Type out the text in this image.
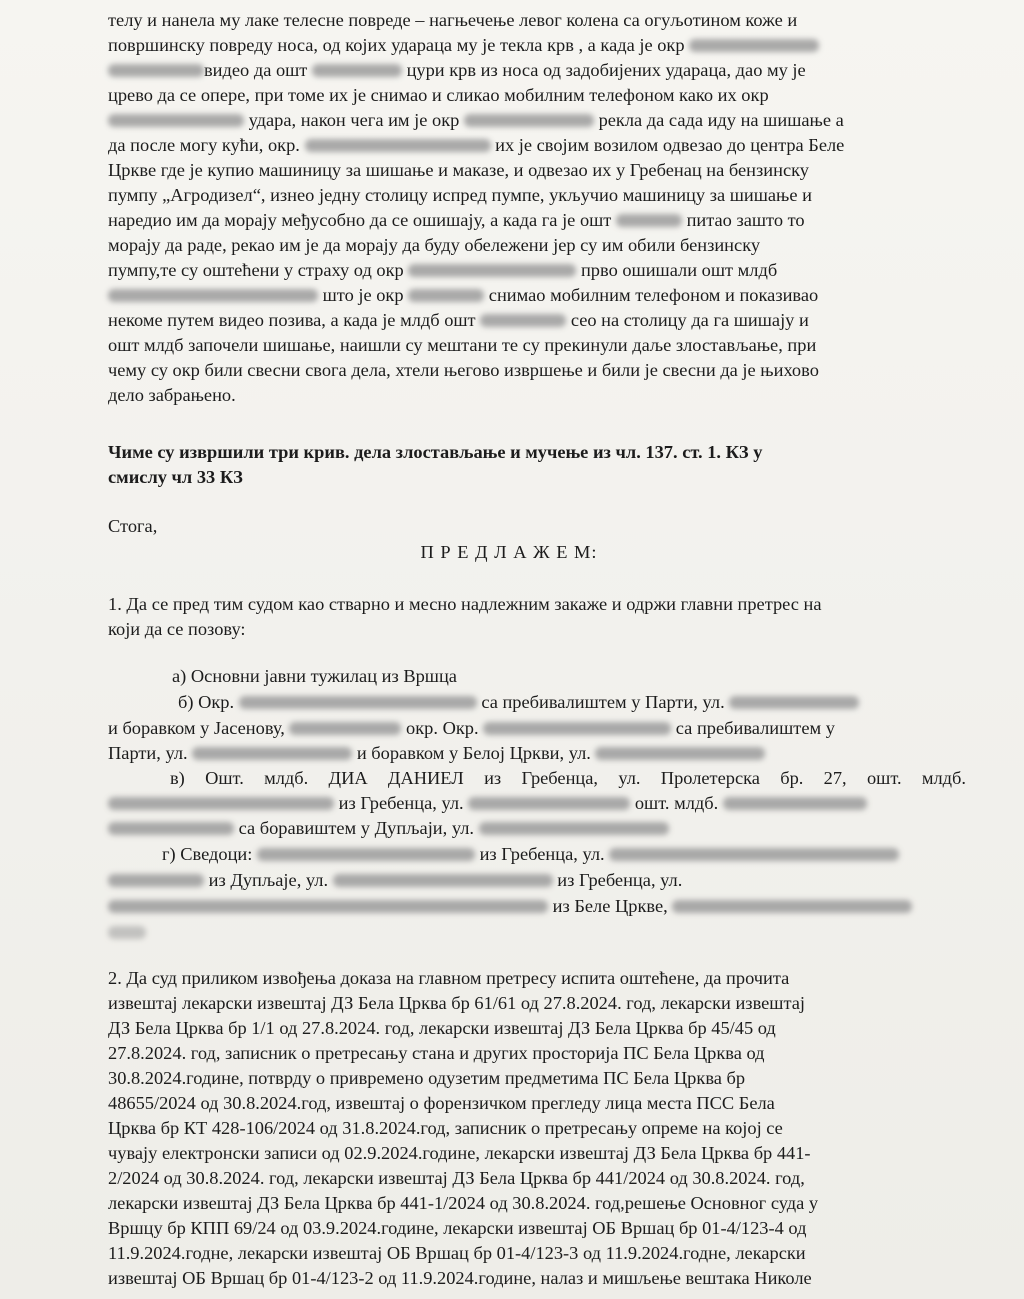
телу и нанела му лаке телесне повреде – нагњечење левог колена са огуљотином коже и
површинску повреду носа, од којих удараца му је текла крв , а када је окр
видео да ошт	цури крв из носа од задобијених удараца, дао му је
црево да се опере, при томе их је снимао и сликао мобилним телефоном како их окр
удара, након чега им је окр	рекла да сада иду на шишање а
да после могу кући, окр.	их је својим возилом одвезао до центра Беле
Цркве где је купио машиницу за шишање и маказе, и одвезао их у Гребенац на бензинску
пумпу „Агродизел“, изнео једну столицу испред пумпе, укључио машиницу за шишање и
наредио им да морају међусобно да се ошишају, а када га је ошт	питао зашто то
морају да раде, рекао им је да морају да буду обележени јер су им обили бензинску
пумпу,те су оштећени у страху од окр	прво ошишали ошт млдб
што је окр	снимао мобилним телефоном и показивао
некоме путем видео позива, а када је млдб ошт	сео на столицу да га шишају и
ошт млдб започели шишање, наишли су мештани те су прекинули даље злостављање, при
чему су окр били свесни свога дела, хтели његово извршење и били је свесни да је њихово
дело забрањено.
Чиме су извршили три крив. дела злостављање и мучење из чл. 137. ст. 1. КЗ у
смислу чл 33 КЗ
Стога,
П Р Е Д Л А Ж Е М:
1. Да се пред тим судом као стварно и месно надлежним закаже и одржи главни претрес на
који да се позову:
а) Основни јавни тужилац из Вршца
б) Окр.	са пребивалиштем у Парти, ул.
и боравком у Јасенову,	окр. Окр.	са пребивалиштем у
Парти, ул.	и боравком у Белој Цркви, ул.
в) Ошт. млдб. ДИА ДАНИЕЛ из Гребенца, ул. Пролетерска бр. 27, ошт. млдб.
из Гребенца, ул.	ошт. млдб.
са боравиштем у Дупљаји, ул.
г) Сведоци:	из Гребенца, ул.
из Дупљаје, ул.	из Гребенца, ул.
из Беле Цркве,
2. Да суд приликом извођења доказа на главном претресу испита оштећене, да прочита
извештај лекарски извештај ДЗ Бела Црква бр 61/61 од 27.8.2024. год, лекарски извештај
ДЗ Бела Црква бр 1/1 од 27.8.2024. год, лекарски извештај ДЗ Бела Црква бр 45/45 од
27.8.2024. год, записник о претресању стана и других просторија ПС Бела Црква од
30.8.2024.године, потврду о привремено одузетим предметима ПС Бела Црква бр
48655/2024 од 30.8.2024.год, извештај о форензичком прегледу лица места ПСС Бела
Црква бр КТ 428-106/2024 од 31.8.2024.год, записник о претресању опреме на којој се
чувају електронски записи од 02.9.2024.године, лекарски извештај ДЗ Бела Црква бр 441-
2/2024 од 30.8.2024. год, лекарски извештај ДЗ Бела Црква бр 441/2024 од 30.8.2024. год,
лекарски извештај ДЗ Бела Црква бр 441-1/2024 од 30.8.2024. год,решење Основног суда у
Вршцу бр КПП 69/24 од 03.9.2024.године, лекарски извештај ОБ Вршац бр 01-4/123-4 од
11.9.2024.годне, лекарски извештај ОБ Вршац бр 01-4/123-3 од 11.9.2024.годне, лекарски
извештај ОБ Вршац бр 01-4/123-2 од 11.9.2024.године, налаз и мишљење вештака Николе
